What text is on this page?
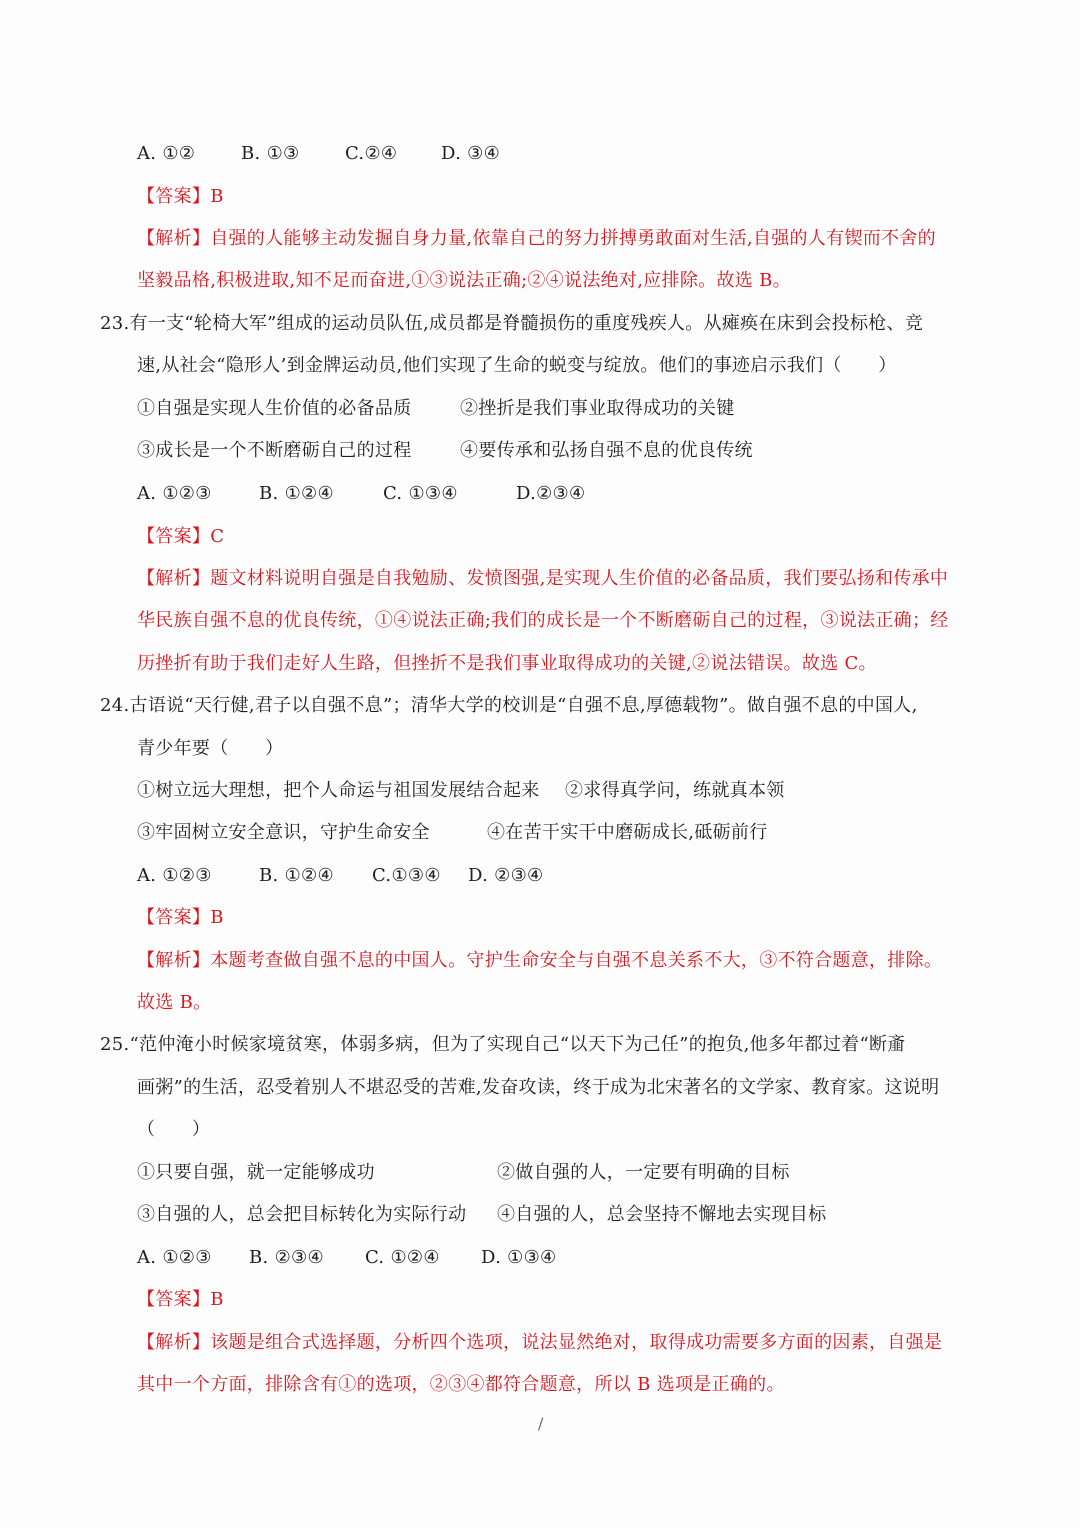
A. ①②	B. ①③	C.②④ D. ③④
【答案】B
【解析】自强的人能够主动发掘自身力量,依靠自己的努力拼搏勇敢面对生活,自强的人有锲而不舍的
坚毅品格,积极进取,知不足而奋进,①③说法正确;②④说法绝对,应排除。故选 B。
23.有一支“轮椅大军”组成的运动员队伍,成员都是脊髓损伤的重度残疾人。从瘫痪在床到会投标枪、竞
速,从社会“隐形人’到金牌运动员,他们实现了生命的蜕变与绽放。他们的事迹启示我们（　　）
①自强是实现人生价值的必备品质	②挫折是我们事业取得成功的关键
③成长是一个不断磨砺自己的过程	④要传承和弘扬自强不息的优良传统
A. ①②③	B. ①②④	C. ①③④	D.②③④
【答案】C
【解析】题文材料说明自强是自我勉励、发愤图强,是实现人生价值的必备品质，我们要弘扬和传承中
华民族自强不息的优良传统，①④说法正确;我们的成长是一个不断磨砺自己的过程，③说法正确；经
历挫折有助于我们走好人生路，但挫折不是我们事业取得成功的关键,②说法错误。故选 C。
24.古语说“天行健,君子以自强不息”；清华大学的校训是“自强不息,厚德载物”。做自强不息的中国人,
青少年要（　　）
①树立远大理想，把个人命运与祖国发展结合起来 ②求得真学问，练就真本领
③牢固树立安全意识，守护生命安全	④在苦干实干中磨砺成长,砥砺前行
A. ①②③	B. ①②④ C.①③④ D. ②③④
【答案】B
【解析】本题考查做自强不息的中国人。守护生命安全与自强不息关系不大，③不符合题意，排除。
故选 B。
25.“范仲淹小时候家境贫寒，体弱多病，但为了实现自己“以天下为己任”的抱负,他多年都过着“断齑
画粥”的生活，忍受着别人不堪忍受的苦难,发奋攻读，终于成为北宋著名的文学家、教育家。这说明
（　　）
①只要自强，就一定能够成功	②做自强的人，一定要有明确的目标
③自强的人，总会把目标转化为实际行动 ④自强的人，总会坚持不懈地去实现目标
A. ①②③ B. ②③④ C. ①②④ D. ①③④
【答案】B
【解析】该题是组合式选择题，分析四个选项，说法显然绝对，取得成功需要多方面的因素，自强是
其中一个方面，排除含有①的选项，②③④都符合题意，所以 B 选项是正确的。
/
